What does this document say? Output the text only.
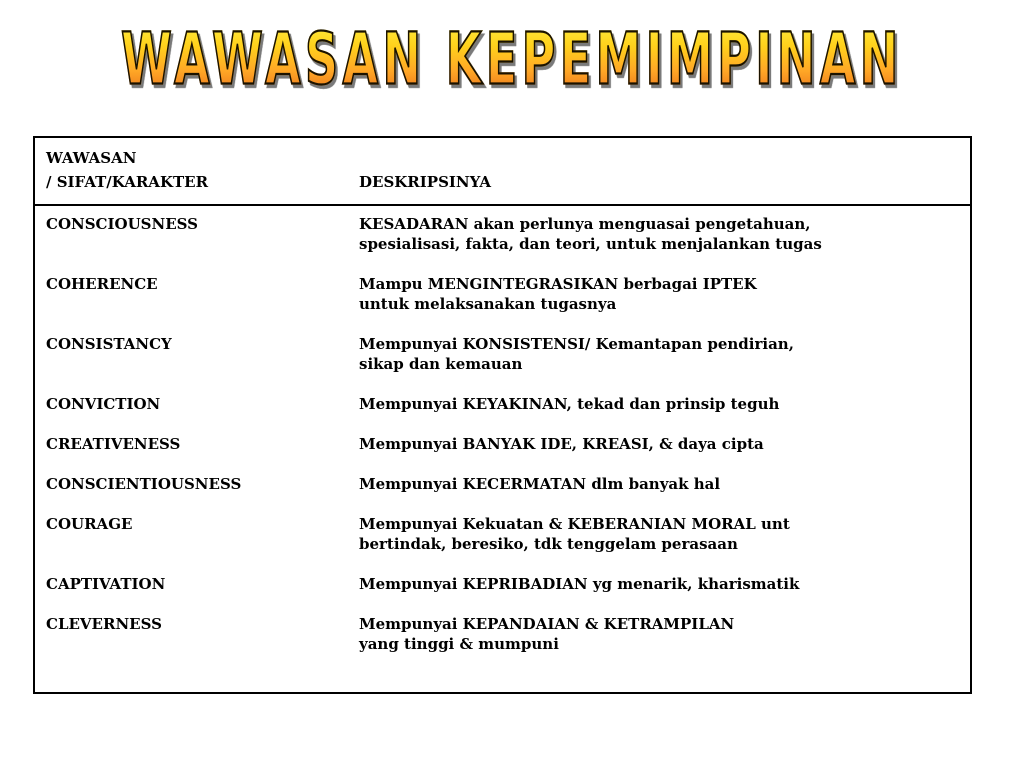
WAWASAN KEPEMIMPINAN
WAWASAN
/ SIFAT/KARAKTER	DESKRIPSINYA
CONSCIOUSNESS	KESADARAN akan perlunya menguasai pengetahuan,
spesialisasi, fakta, dan teori, untuk menjalankan tugas
COHERENCE	Mampu MENGINTEGRASIKAN berbagai IPTEK
untuk melaksanakan tugasnya
CONSISTANCY	Mempunyai KONSISTENSI/ Kemantapan pendirian,
sikap dan kemauan
CONVICTION	Mempunyai KEYAKINAN, tekad dan prinsip teguh
CREATIVENESS	Mempunyai BANYAK IDE, KREASI, & daya cipta
CONSCIENTIOUSNESS	Mempunyai KECERMATAN dlm banyak hal
COURAGE	Mempunyai Kekuatan & KEBERANIAN MORAL unt
bertindak, beresiko, tdk tenggelam perasaan
CAPTIVATION	Mempunyai KEPRIBADIAN yg menarik, kharismatik
CLEVERNESS	Mempunyai KEPANDAIAN & KETRAMPILAN
yang tinggi & mumpuni
